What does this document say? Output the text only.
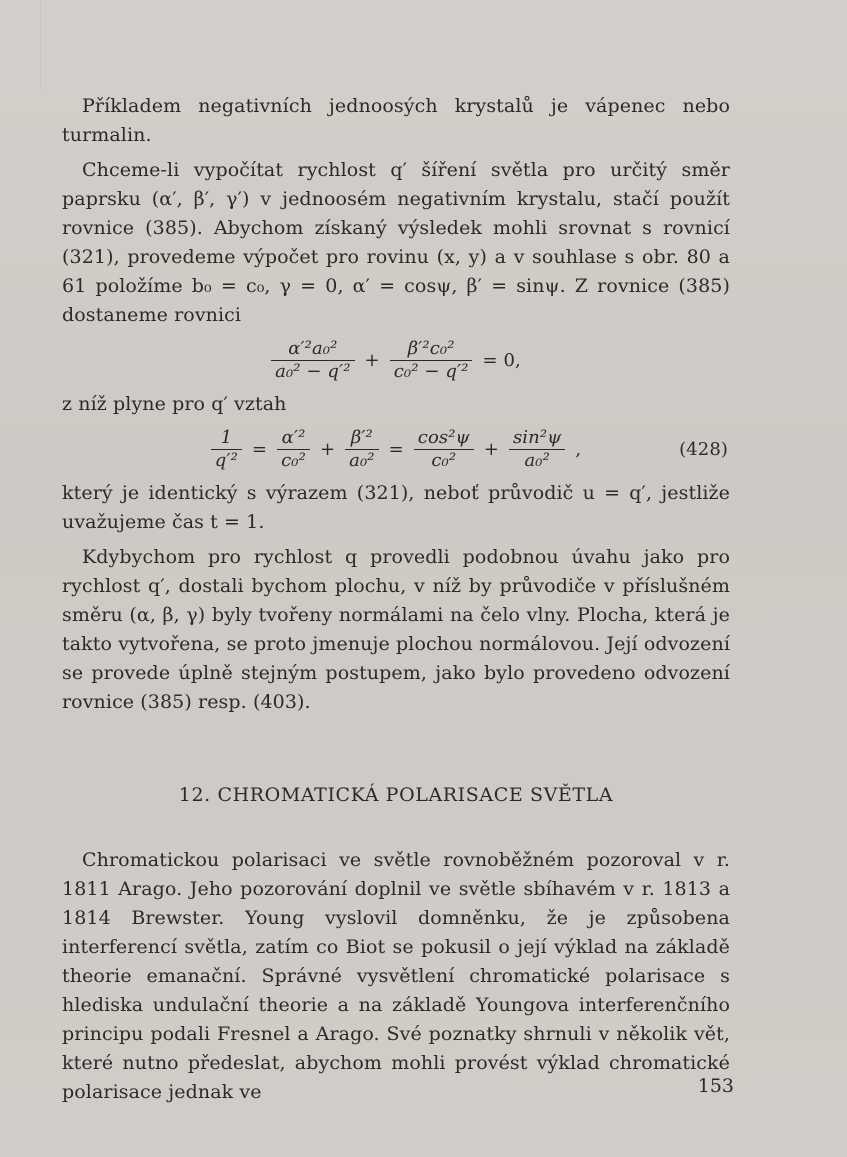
Příkladem negativních jednoosých krystalů je vápenec nebo turmalin.

Chceme-li vypočítat rychlost q′ šíření světla pro určitý směr paprsku (α′, β′, γ′) v jednoosém negativním krystalu, stačí použít rovnice (385). Abychom získaný výsledek mohli srovnat s rovnicí (321), provedeme výpočet pro rovinu (x, y) a v souhlase s obr. 80 a 61 položíme b₀ = c₀, γ = 0, α′ = cosψ, β′ = sinψ. Z rovnice (385) dostaneme rovnici

$\frac{\text{α′²a₀²}}{\text{a₀² − q′²}} + \frac{\text{β′²c₀²}}{\text{c₀² − q′²}} = 0$,

z níž plyne pro q′ vztah

$\frac{1}{\text{q′²}} = \frac{\text{α′²}}{\text{c₀²}} + \frac{\text{β′²}}{\text{a₀²}} = \frac{\text{cos²ψ}}{\text{c₀²}} + \frac{\text{sin²ψ}}{\text{a₀²}}$ ,	(428)

který je identický s výrazem (321), neboť průvodič u = q′, jestliže uvažujeme čas t = 1.

Kdybychom pro rychlost q provedli podobnou úvahu jako pro rychlost q′, dostali bychom plochu, v níž by průvodiče v příslušném směru (α, β, γ) byly tvořeny normálami na čelo vlny. Plocha, která je takto vytvořena, se proto jmenuje plochou normálovou. Její odvození se provede úplně stejným postupem, jako bylo provedeno odvození rovnice (385) resp. (403).

12. CHROMATICKÁ POLARISACE SVĚTLA

Chromatickou polarisaci ve světle rovnoběžném pozoroval v r. 1811 Arago. Jeho pozorování doplnil ve světle sbíhavém v r. 1813 a 1814 Brewster. Young vyslovil domněnku, že je způsobena interferencí světla, zatím co Biot se pokusil o její výklad na základě theorie emanační. Správné vysvětlení chromatické polarisace s hlediska undulační theorie a na základě Youngova interferenčního principu podali Fresnel a Arago. Své poznatky shrnuli v několik vět, které nutno předeslat, abychom mohli provést výklad chromatické polarisace jednak ve	153
